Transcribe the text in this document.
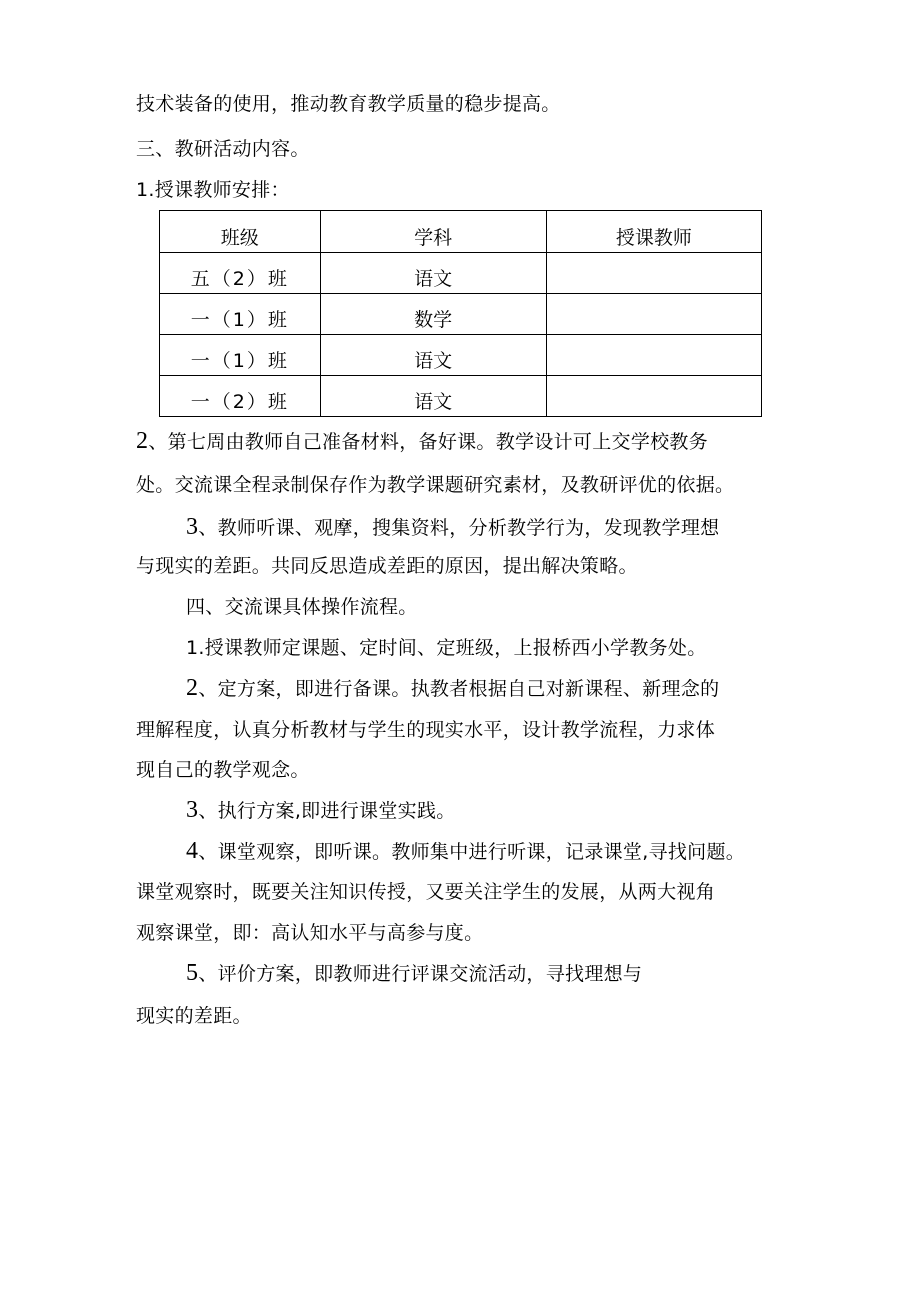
技术装备的使用，推动教育教学质量的稳步提高。
三、教研活动内容。
1.授课教师安排：
班级	学科	授课教师
五（2）班	语文	
一（1）班	数学	
一（1）班	语文	
一（2）班	语文	
2、第七周由教师自己准备材料，备好课。教学设计可上交学校教务
处。交流课全程录制保存作为教学课题研究素材，及教研评优的依据。
3、教师听课、观摩，搜集资料，分析教学行为，发现教学理想
与现实的差距。共同反思造成差距的原因，提出解决策略。
四、交流课具体操作流程。
1.授课教师定课题、定时间、定班级，上报桥西小学教务处。
2、定方案，即进行备课。执教者根据自己对新课程、新理念的
理解程度，认真分析教材与学生的现实水平，设计教学流程，力求体
现自己的教学观念。
3、执行方案,即进行课堂实践。
4、课堂观察，即听课。教师集中进行听课，记录课堂,寻找问题。
课堂观察时，既要关注知识传授，又要关注学生的发展，从两大视角
观察课堂，即：高认知水平与高参与度。
5、评价方案，即教师进行评课交流活动，寻找理想与
现实的差距。
